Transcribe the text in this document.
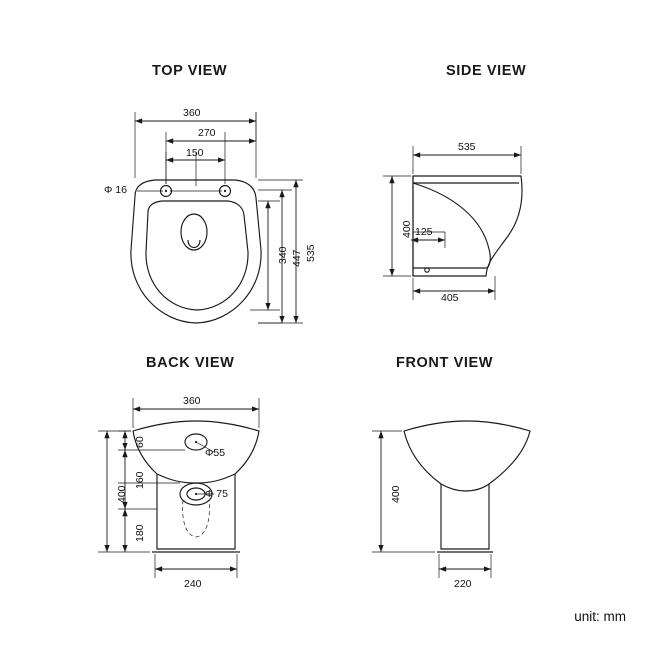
TOP VIEW	SIDE VIEW
BACK VIEW	FRONT VIEW
360
270
150
Φ 16
535
447
340
535
400 125
405
360
400
60
160
180
Φ55
Φ 75
240
400
220
unit: mm
